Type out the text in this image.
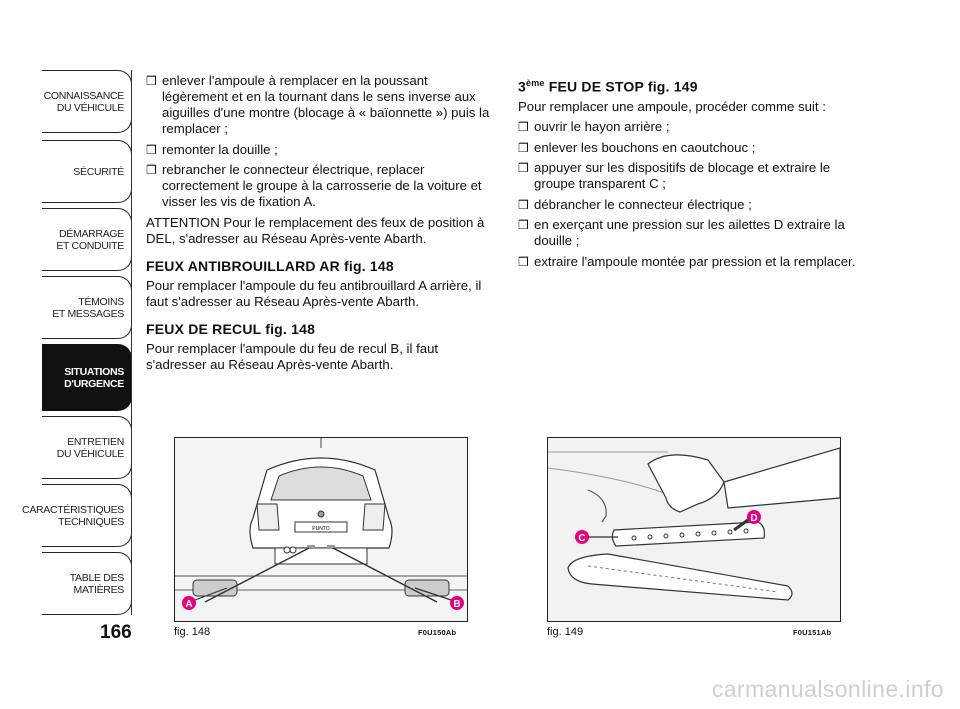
CONNAISSANCE
DU VÉHICULE
SÉCURITÉ
DÉMARRAGE
ET CONDUITE
TÉMOINS
ET MESSAGES
SITUATIONS
D'URGENCE
ENTRETIEN
DU VÉHICULE
CARACTÉRISTIQUES
TECHNIQUES
TABLE DES
MATIÈRES
166

❒ enlever l'ampoule à remplacer en la poussant légèrement et en la tournant dans le sens inverse aux aiguilles d'une montre (blocage à « baïonnette ») puis la remplacer ;

❒ remonter la douille ;

❒ rebrancher le connecteur électrique, replacer correctement le groupe à la carrosserie de la voiture et visser les vis de fixation A.

ATTENTION Pour le remplacement des feux de position à DEL, s'adresser au Réseau Après-vente Abarth.

FEUX ANTIBROUILLARD AR fig. 148

Pour remplacer l'ampoule du feu antibrouillard A arrière, il faut s'adresser au Réseau Après-vente Abarth.

FEUX DE RECUL fig. 148

Pour remplacer l'ampoule du feu de recul B, il faut s'adresser au Réseau Après-vente Abarth.

3ème FEU DE STOP fig. 149

Pour remplacer une ampoule, procéder comme suit :

❒ ouvrir le hayon arrière ;

❒ enlever les bouchons en caoutchouc ;

❒ appuyer sur les dispositifs de blocage et extraire le groupe transparent C ;

❒ débrancher le connecteur électrique ;

❒ en exerçant une pression sur les ailettes D extraire la douille ;

❒ extraire l'ampoule montée par pression et la remplacer.

PUNTO
A	B
fig. 148	F0U150Ab
C
D
fig. 149	F0U151Ab
carmanualsonline.info
